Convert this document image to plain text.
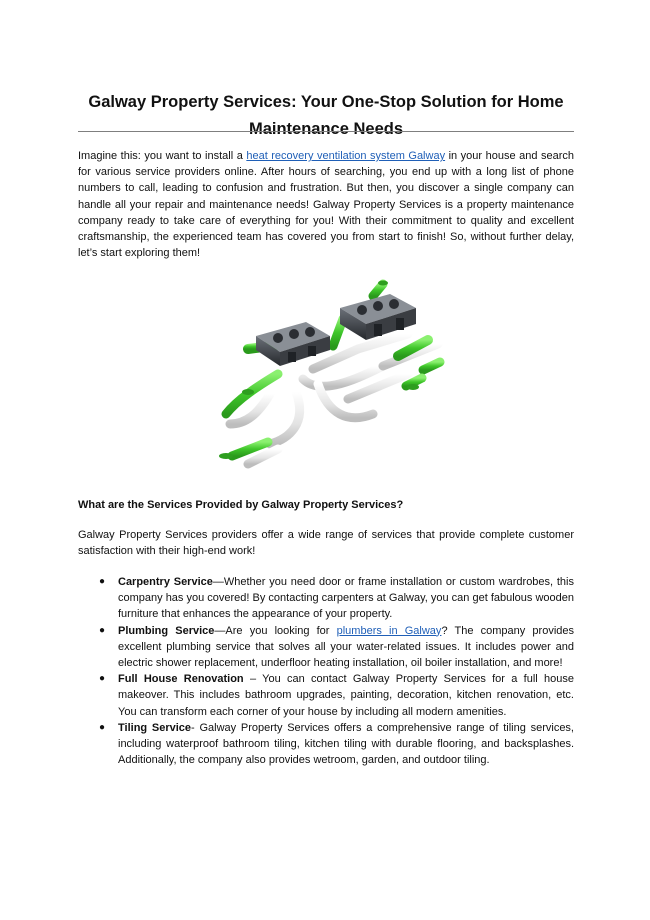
Galway Property Services: Your One-Stop Solution for Home Maintenance Needs

Imagine this: you want to install a heat recovery ventilation system Galway in your house and search for various service providers online. After hours of searching, you end up with a long list of phone numbers to call, leading to confusion and frustration. But then, you discover a single company can handle all your repair and maintenance needs! Galway Property Services is a property maintenance company ready to take care of everything for you! With their commitment to quality and excellent craftsmanship, the experienced team has covered you from start to finish! So, without further delay, let’s start exploring them!

What are the Services Provided by Galway Property Services?

Galway Property Services providers offer a wide range of services that provide complete customer satisfaction with their high-end work!

● Carpentry Service—Whether you need door or frame installation or custom wardrobes, this company has you covered! By contacting carpenters at Galway, you can get fabulous wooden furniture that enhances the appearance of your property.
● Plumbing Service—Are you looking for plumbers in Galway? The company provides excellent plumbing service that solves all your water-related issues. It includes power and electric shower replacement, underfloor heating installation, oil boiler installation, and more!
● Full House Renovation – You can contact Galway Property Services for a full house makeover. This includes bathroom upgrades, painting, decoration, kitchen renovation, etc. You can transform each corner of your house by including all modern amenities.
● Tiling Service- Galway Property Services offers a comprehensive range of tiling services, including waterproof bathroom tiling, kitchen tiling with durable flooring, and backsplashes. Additionally, the company also provides wetroom, garden, and outdoor tiling.
